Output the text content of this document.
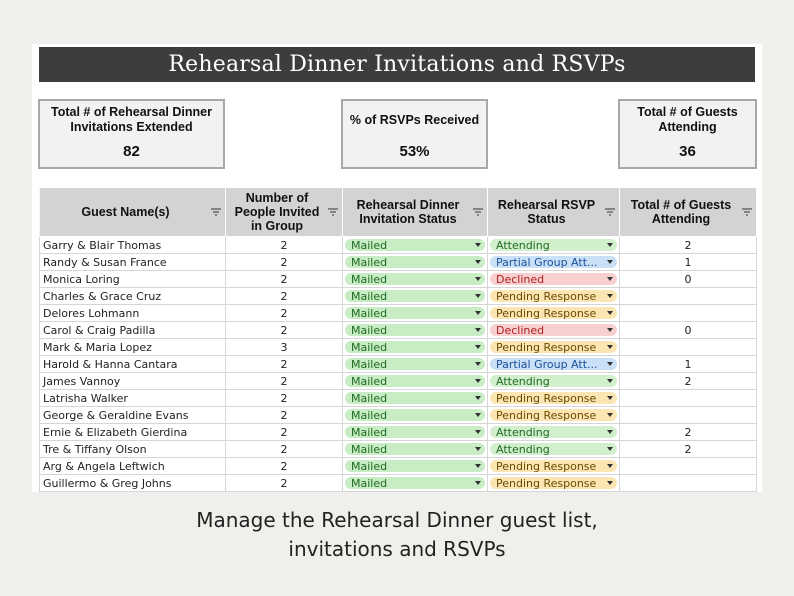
Rehearsal Dinner Invitations and RSVPs
Total # of Rehearsal Dinner Invitations Extended
82
% of RSVPs Received
53%
Total # of Guests Attending
36
Guest Name(s)	Number of People Invited in Group	Rehearsal Dinner Invitation Status	Rehearsal RSVP Status	Total # of Guests Attending

Garry & Blair Thomas	2	Mailed	Attending	2
Randy & Susan France	2	Mailed	Partial Group Att...	1
Monica Loring	2	Mailed	Declined	0
Charles & Grace Cruz	2	Mailed	Pending Response	

Delores Lohmann	2	Mailed	Pending Response	

Carol & Craig Padilla	2	Mailed	Declined	0
Mark & Maria Lopez	3	Mailed	Pending Response	

Harold & Hanna Cantara	2	Mailed	Partial Group Att...	1
James Vannoy	2	Mailed	Attending	2
Latrisha Walker	2	Mailed	Pending Response	

George & Geraldine Evans	2	Mailed	Pending Response	

Ernie & Elizabeth Gierdina	2	Mailed	Attending	2
Tre & Tiffany Olson	2	Mailed	Attending	2
Arg & Angela Leftwich	2	Mailed	Pending Response	

Guillermo & Greg Johns	2	Mailed	Pending Response	

Manage the Rehearsal Dinner guest list,
invitations and RSVPs
